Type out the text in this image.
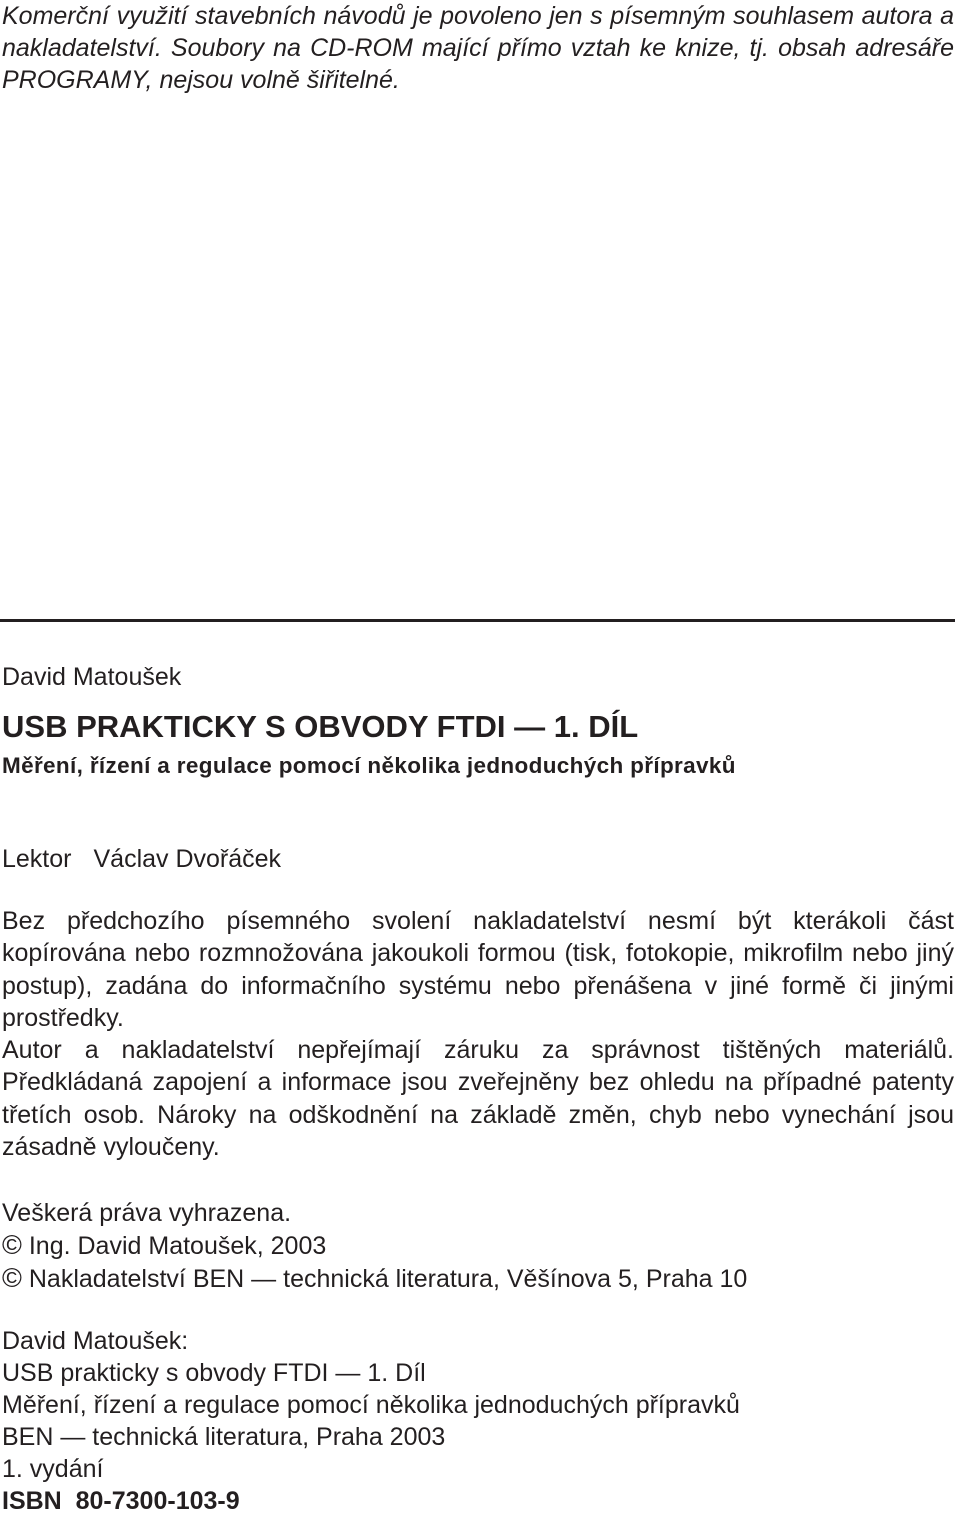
Komerční využití stavebních návodů je povoleno jen s písemným souhlasem autora a nakladatelství. Soubory na CD-ROM mající přímo vztah ke knize, tj. obsah adresáře PROGRAMY, nejsou volně šiřitelné.

David Matoušek
USB PRAKTICKY S OBVODY FTDI — 1. DÍL
Měření, řízení a regulace pomocí několika jednoduchých přípravků
Lektor Václav Dvořáček

Bez předchozího písemného svolení nakladatelství nesmí být kterákoli část kopírována nebo rozmnožována jakoukoli formou (tisk, fotokopie, mikrofilm nebo jiný postup), zadána do informačního systému nebo přenášena v jiné formě či jinými prostředky.

Autor a nakladatelství nepřejímají záruku za správnost tištěných materiálů. Předkládaná zapojení a informace jsou zveřejněny bez ohledu na případné patenty třetích osob. Nároky na odškodnění na základě změn, chyb nebo vynechání jsou zásadně vyloučeny.

Veškerá práva vyhrazena.
© Ing. David Matoušek, 2003
© Nakladatelství BEN — technická literatura, Věšínova 5, Praha 10
David Matoušek:
USB prakticky s obvody FTDI — 1. Díl
Měření, řízení a regulace pomocí několika jednoduchých přípravků
BEN — technická literatura, Praha 2003
1. vydání
ISBN  80-7300-103-9
